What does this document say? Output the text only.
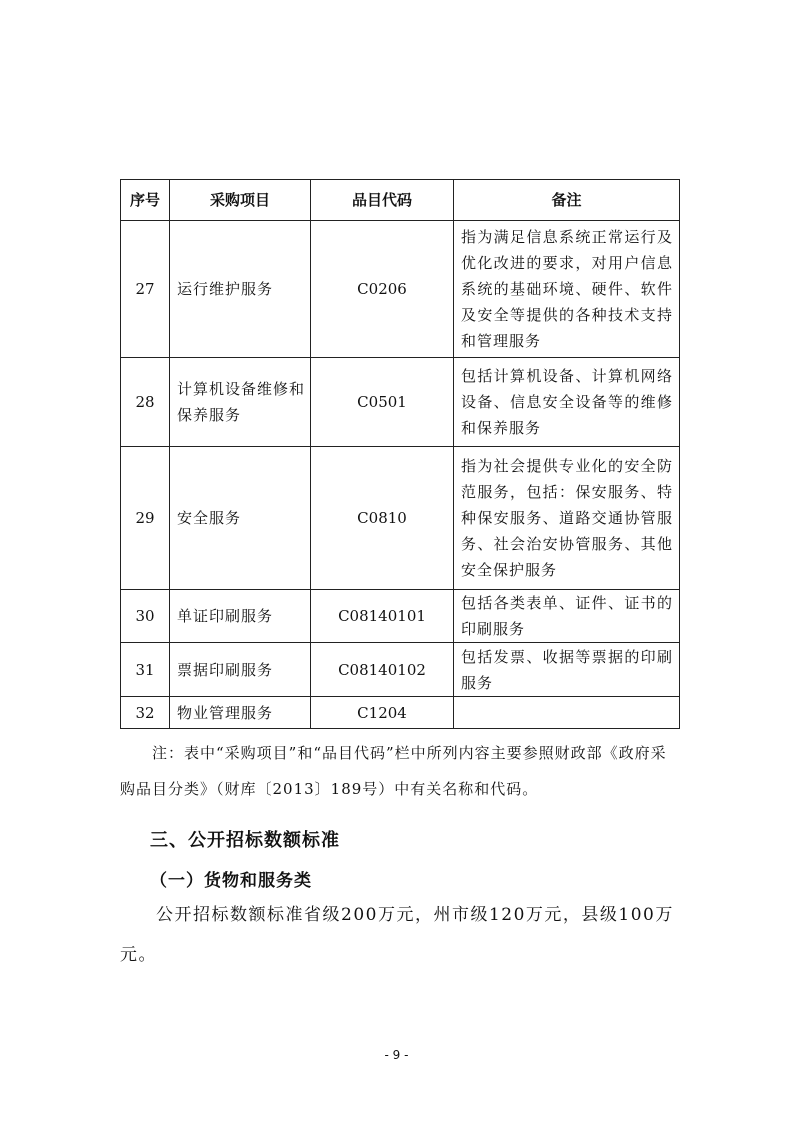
序号	采购项目	品目代码	备注
27	运行维护服务	C0206	指为满足信息系统正常运行及优化改进的要求，对用户信息系统的基础环境、硬件、软件及安全等提供的各种技术支持和管理服务
28	计算机设备维修和保养服务	C0501	包括计算机设备、计算机网络设备、信息安全设备等的维修和保养服务
29	安全服务	C0810	指为社会提供专业化的安全防范服务，包括：保安服务、特种保安服务、道路交通协管服务、社会治安协管服务、其他安全保护服务
30	单证印刷服务	C08140101	包括各类表单、证件、证书的印刷服务
31	票据印刷服务	C08140102	包括发票、收据等票据的印刷服务
32	物业管理服务	C1204	

注：表中“采购项目”和“品目代码”栏中所列内容主要参照财政部《政府采购品目分类》（财库〔2013〕189号）中有关名称和代码。

三、公开招标数额标准
（一）货物和服务类

公开招标数额标准省级200万元，州市级120万元，县级100万元。

- 9 -
